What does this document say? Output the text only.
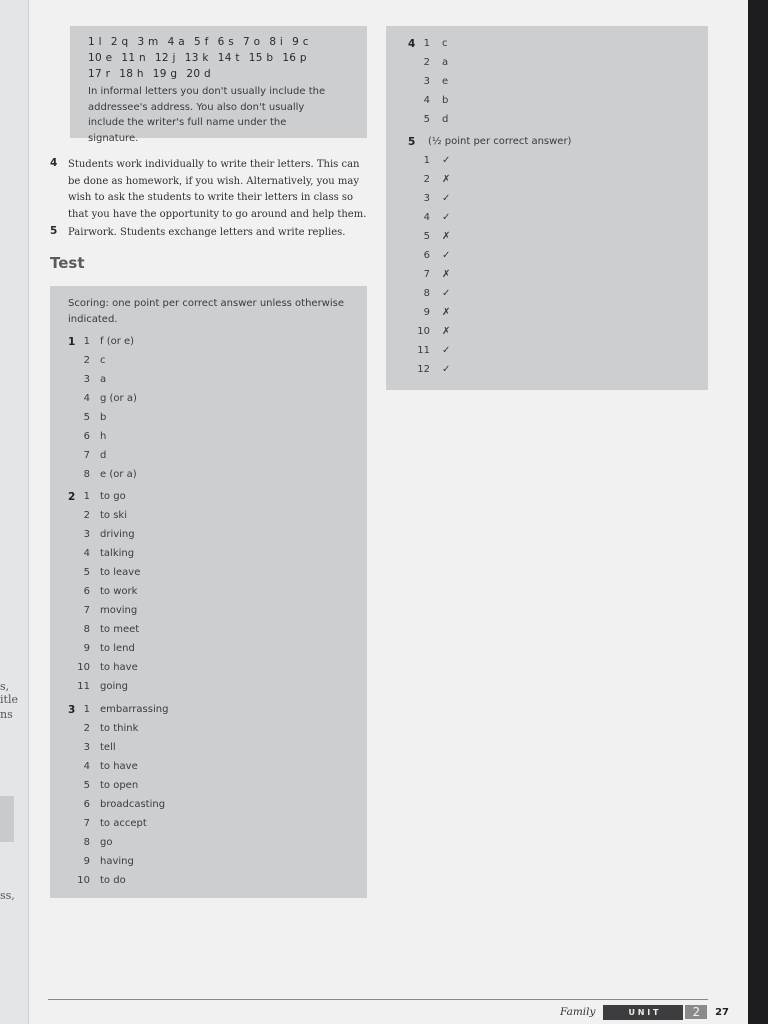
s,
itle
ns
ss,
1 l 2 q 3 m 4 a 5 f 6 s 7 o 8 i 9 c
10 e 11 n 12 j 13 k 14 t 15 b 16 p
17 r 18 h 19 g 20 d
In informal letters you don't usually include the addressee's address. You also don't usually include the writer's full name under the signature.
4	Students work individually to write their letters. This can be done as homework, if you wish. Alternatively, you may wish to ask the students to write their letters in class so that you have the opportunity to go around and help them.
5	Pairwork. Students exchange letters and write replies.
Test
Scoring: one point per correct answer unless otherwise indicated.
1 1 f (or e)
2 c
3 a
4 g (or a)
5 b
6 h
7 d
8 e (or a)
2 1 to go
2 to ski
3 driving
4 talking
5 to leave
6 to work
7 moving
8 to meet
9 to lend
10 to have
11 going
3 1 embarrassing
2 to think
3 tell
4 to have
5 to open
6 broadcasting
7 to accept
8 go
9 having
10 to do
4 1 c
2 a
3 e
4 b
5 d
5 (½ point per correct answer)
1 ✓
2 ✗
3 ✓
4 ✓
5 ✗
6 ✓
7 ✗
8 ✓
9 ✗
10 ✗
11 ✓
12 ✓
Family	U N I T	2	27
